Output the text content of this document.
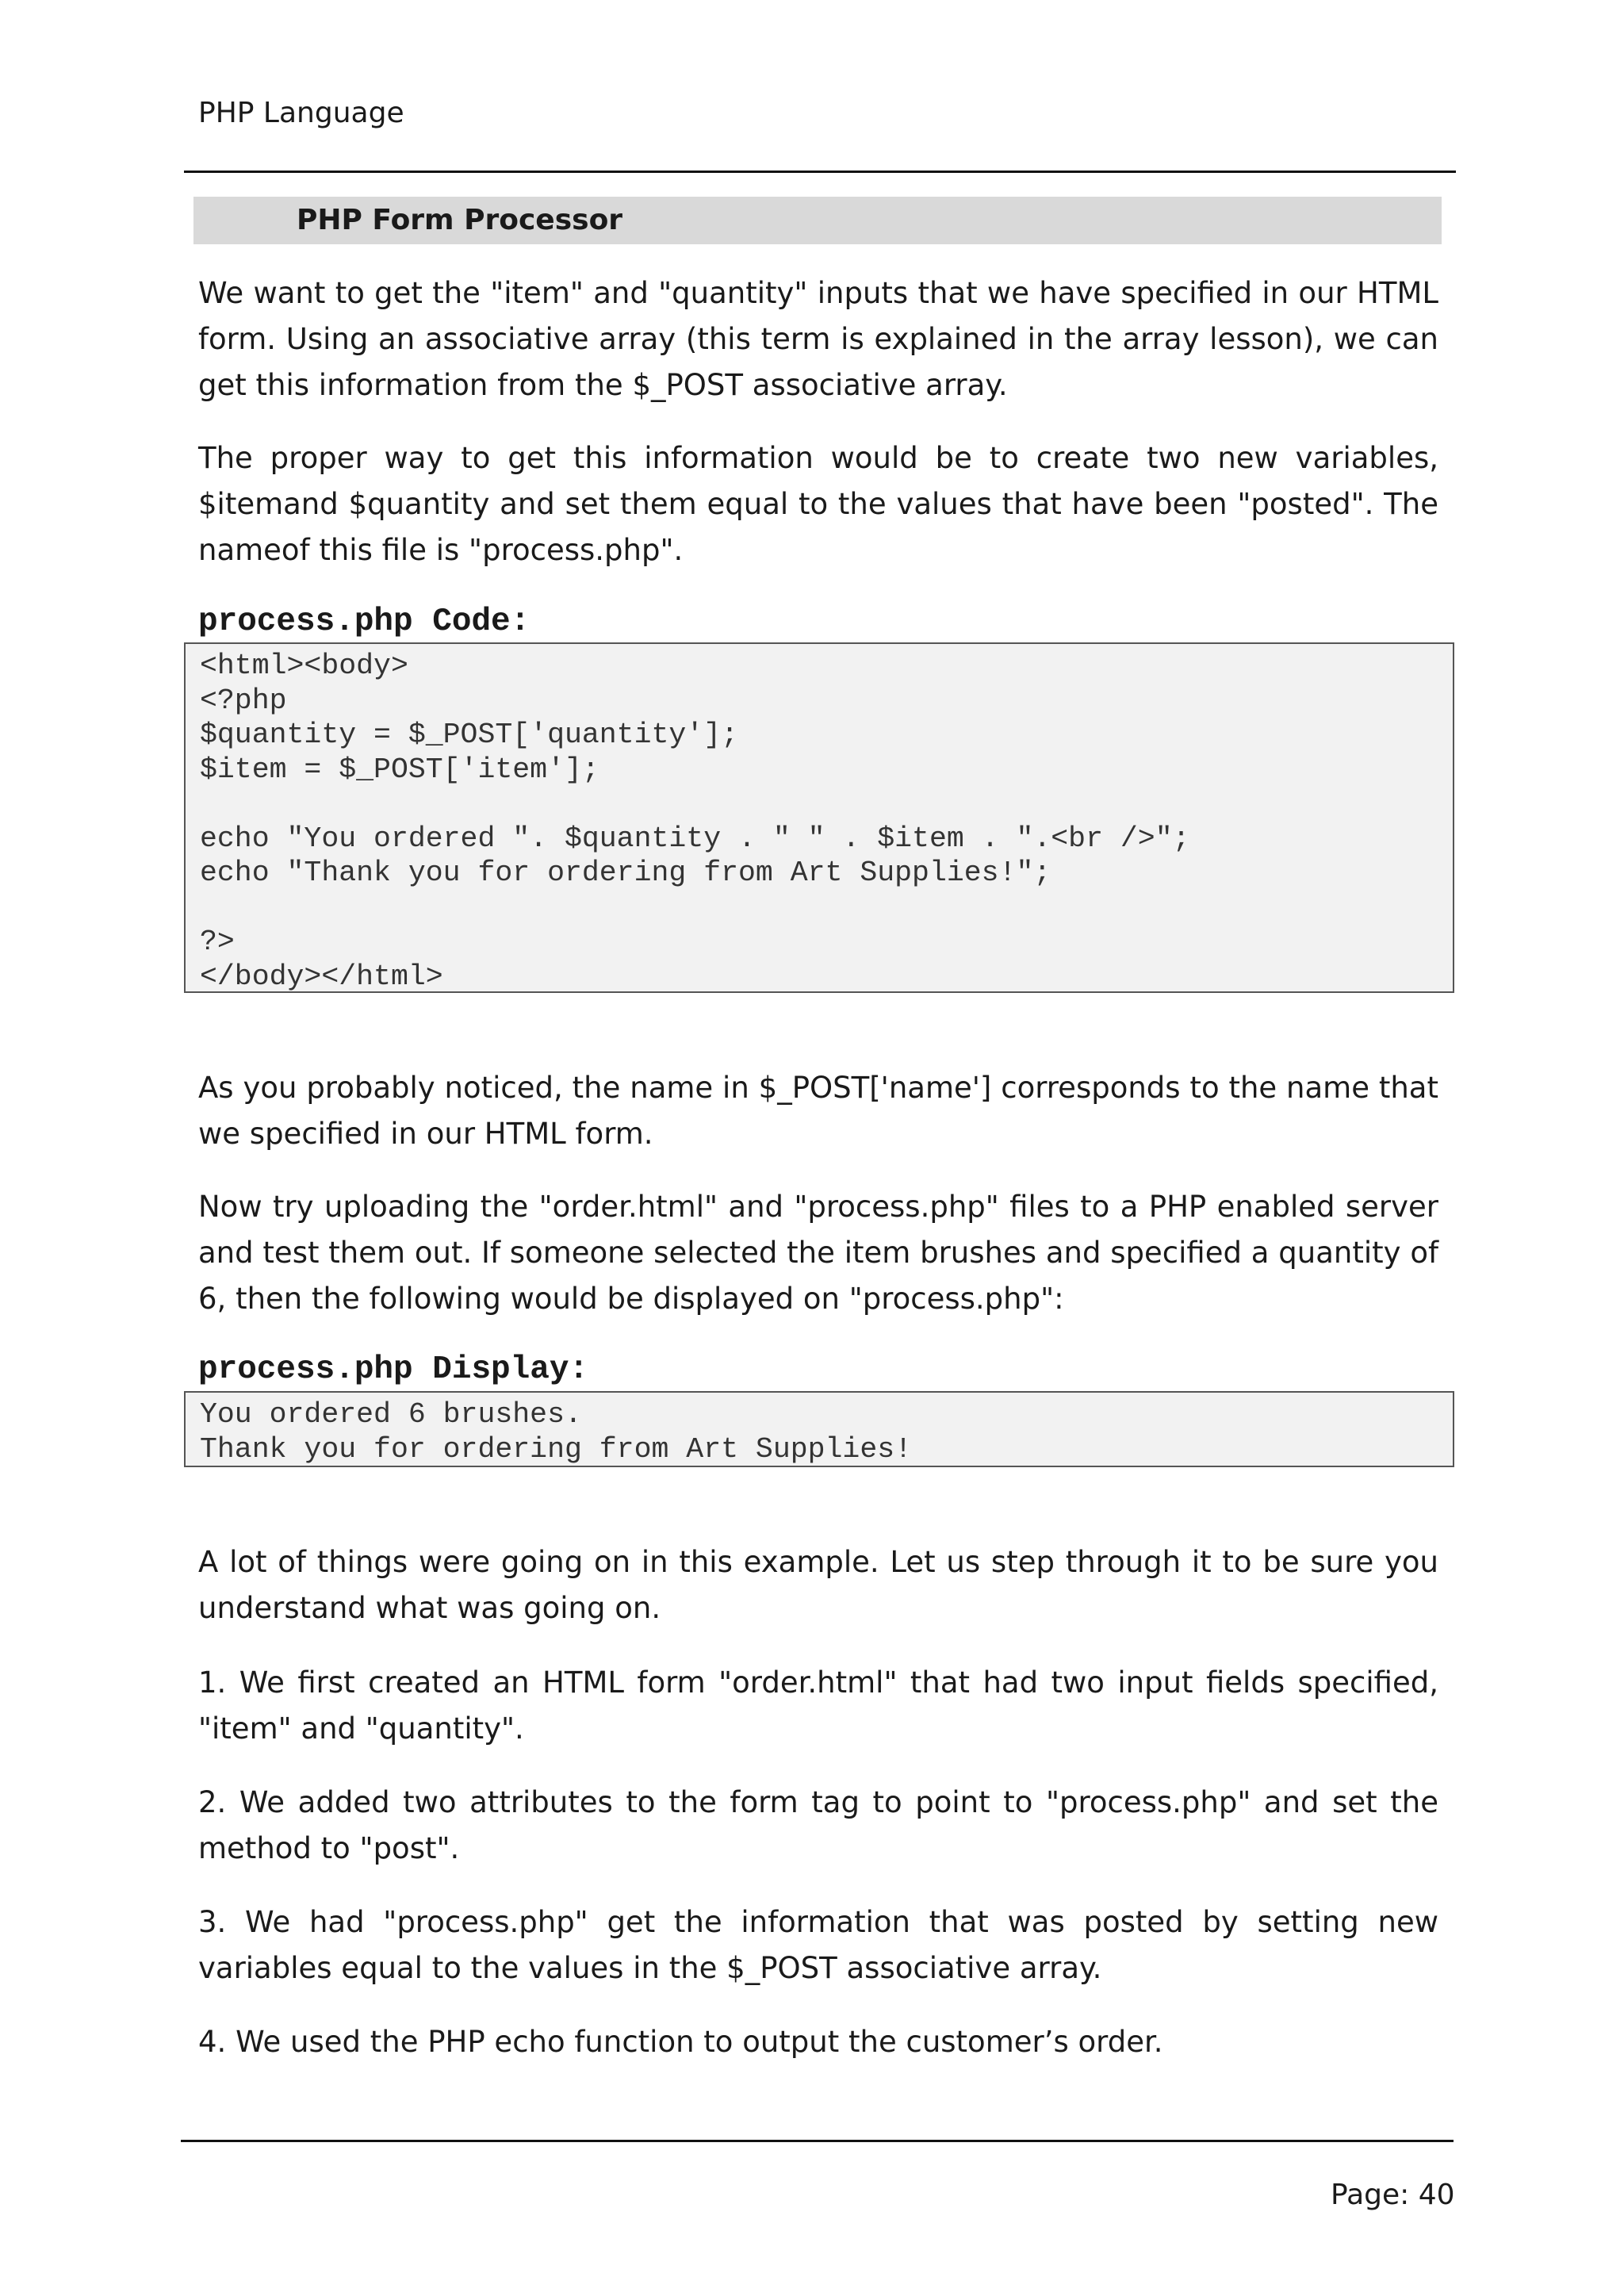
PHP Language
PHP Form Processor

We want to get the "item" and "quantity" inputs that we have specified in our HTML form. Using an associative array (this term is explained in the array lesson), we can get this information from the $_POST associative array.

The proper way to get this information would be to create two new variables, $itemand $quantity and set them equal to the values that have been "posted". The nameof this file is "process.php".

process.php Code:
<html><body>
<?php
$quantity = $_POST['quantity'];
$item = $_POST['item'];
echo "You ordered ". $quantity . " " . $item . ".<br />";
echo "Thank you for ordering from Art Supplies!";
?>
</body></html>

As you probably noticed, the name in $_POST['name'] corresponds to the name that we specified in our HTML form.

Now try uploading the "order.html" and "process.php" files to a PHP enabled server and test them out. If someone selected the item brushes and specified a quantity of 6, then the following would be displayed on "process.php":

process.php Display:
You ordered 6 brushes.
Thank you for ordering from Art Supplies!

A lot of things were going on in this example. Let us step through it to be sure you understand what was going on.

1. We first created an HTML form "order.html" that had two input fields specified, "item" and "quantity".

2. We added two attributes to the form tag to point to "process.php" and set the method to "post".

3. We had "process.php" get the information that was posted by setting new variables equal to the values in the $_POST associative array.

4. We used the PHP echo function to output the customer’s order.

Page: 40
